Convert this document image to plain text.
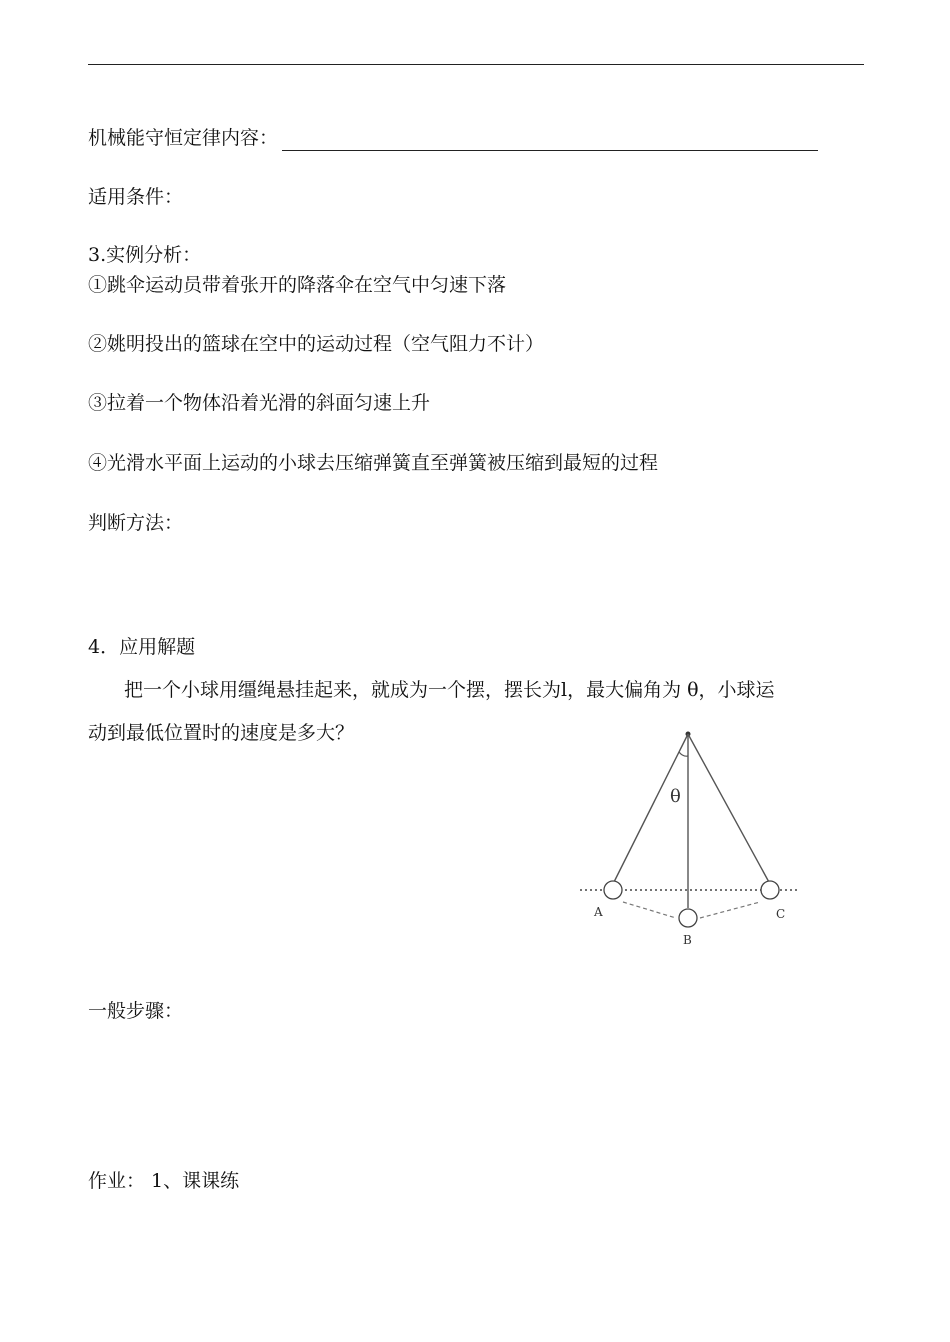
机械能守恒定律内容：
适用条件：
3.实例分析：
①跳伞运动员带着张开的降落伞在空气中匀速下落
②姚明投出的篮球在空中的运动过程（空气阻力不计）
③拉着一个物体沿着光滑的斜面匀速上升
④光滑水平面上运动的小球去压缩弹簧直至弹簧被压缩到最短的过程
判断方法：
4．应用解题
把一个小球用缰绳悬挂起来，就成为一个摆，摆长为l，最大偏角为 θ，小球运
动到最低位置时的速度是多大？
θ
A
B
C
一般步骤：
作业： 1、课课练
